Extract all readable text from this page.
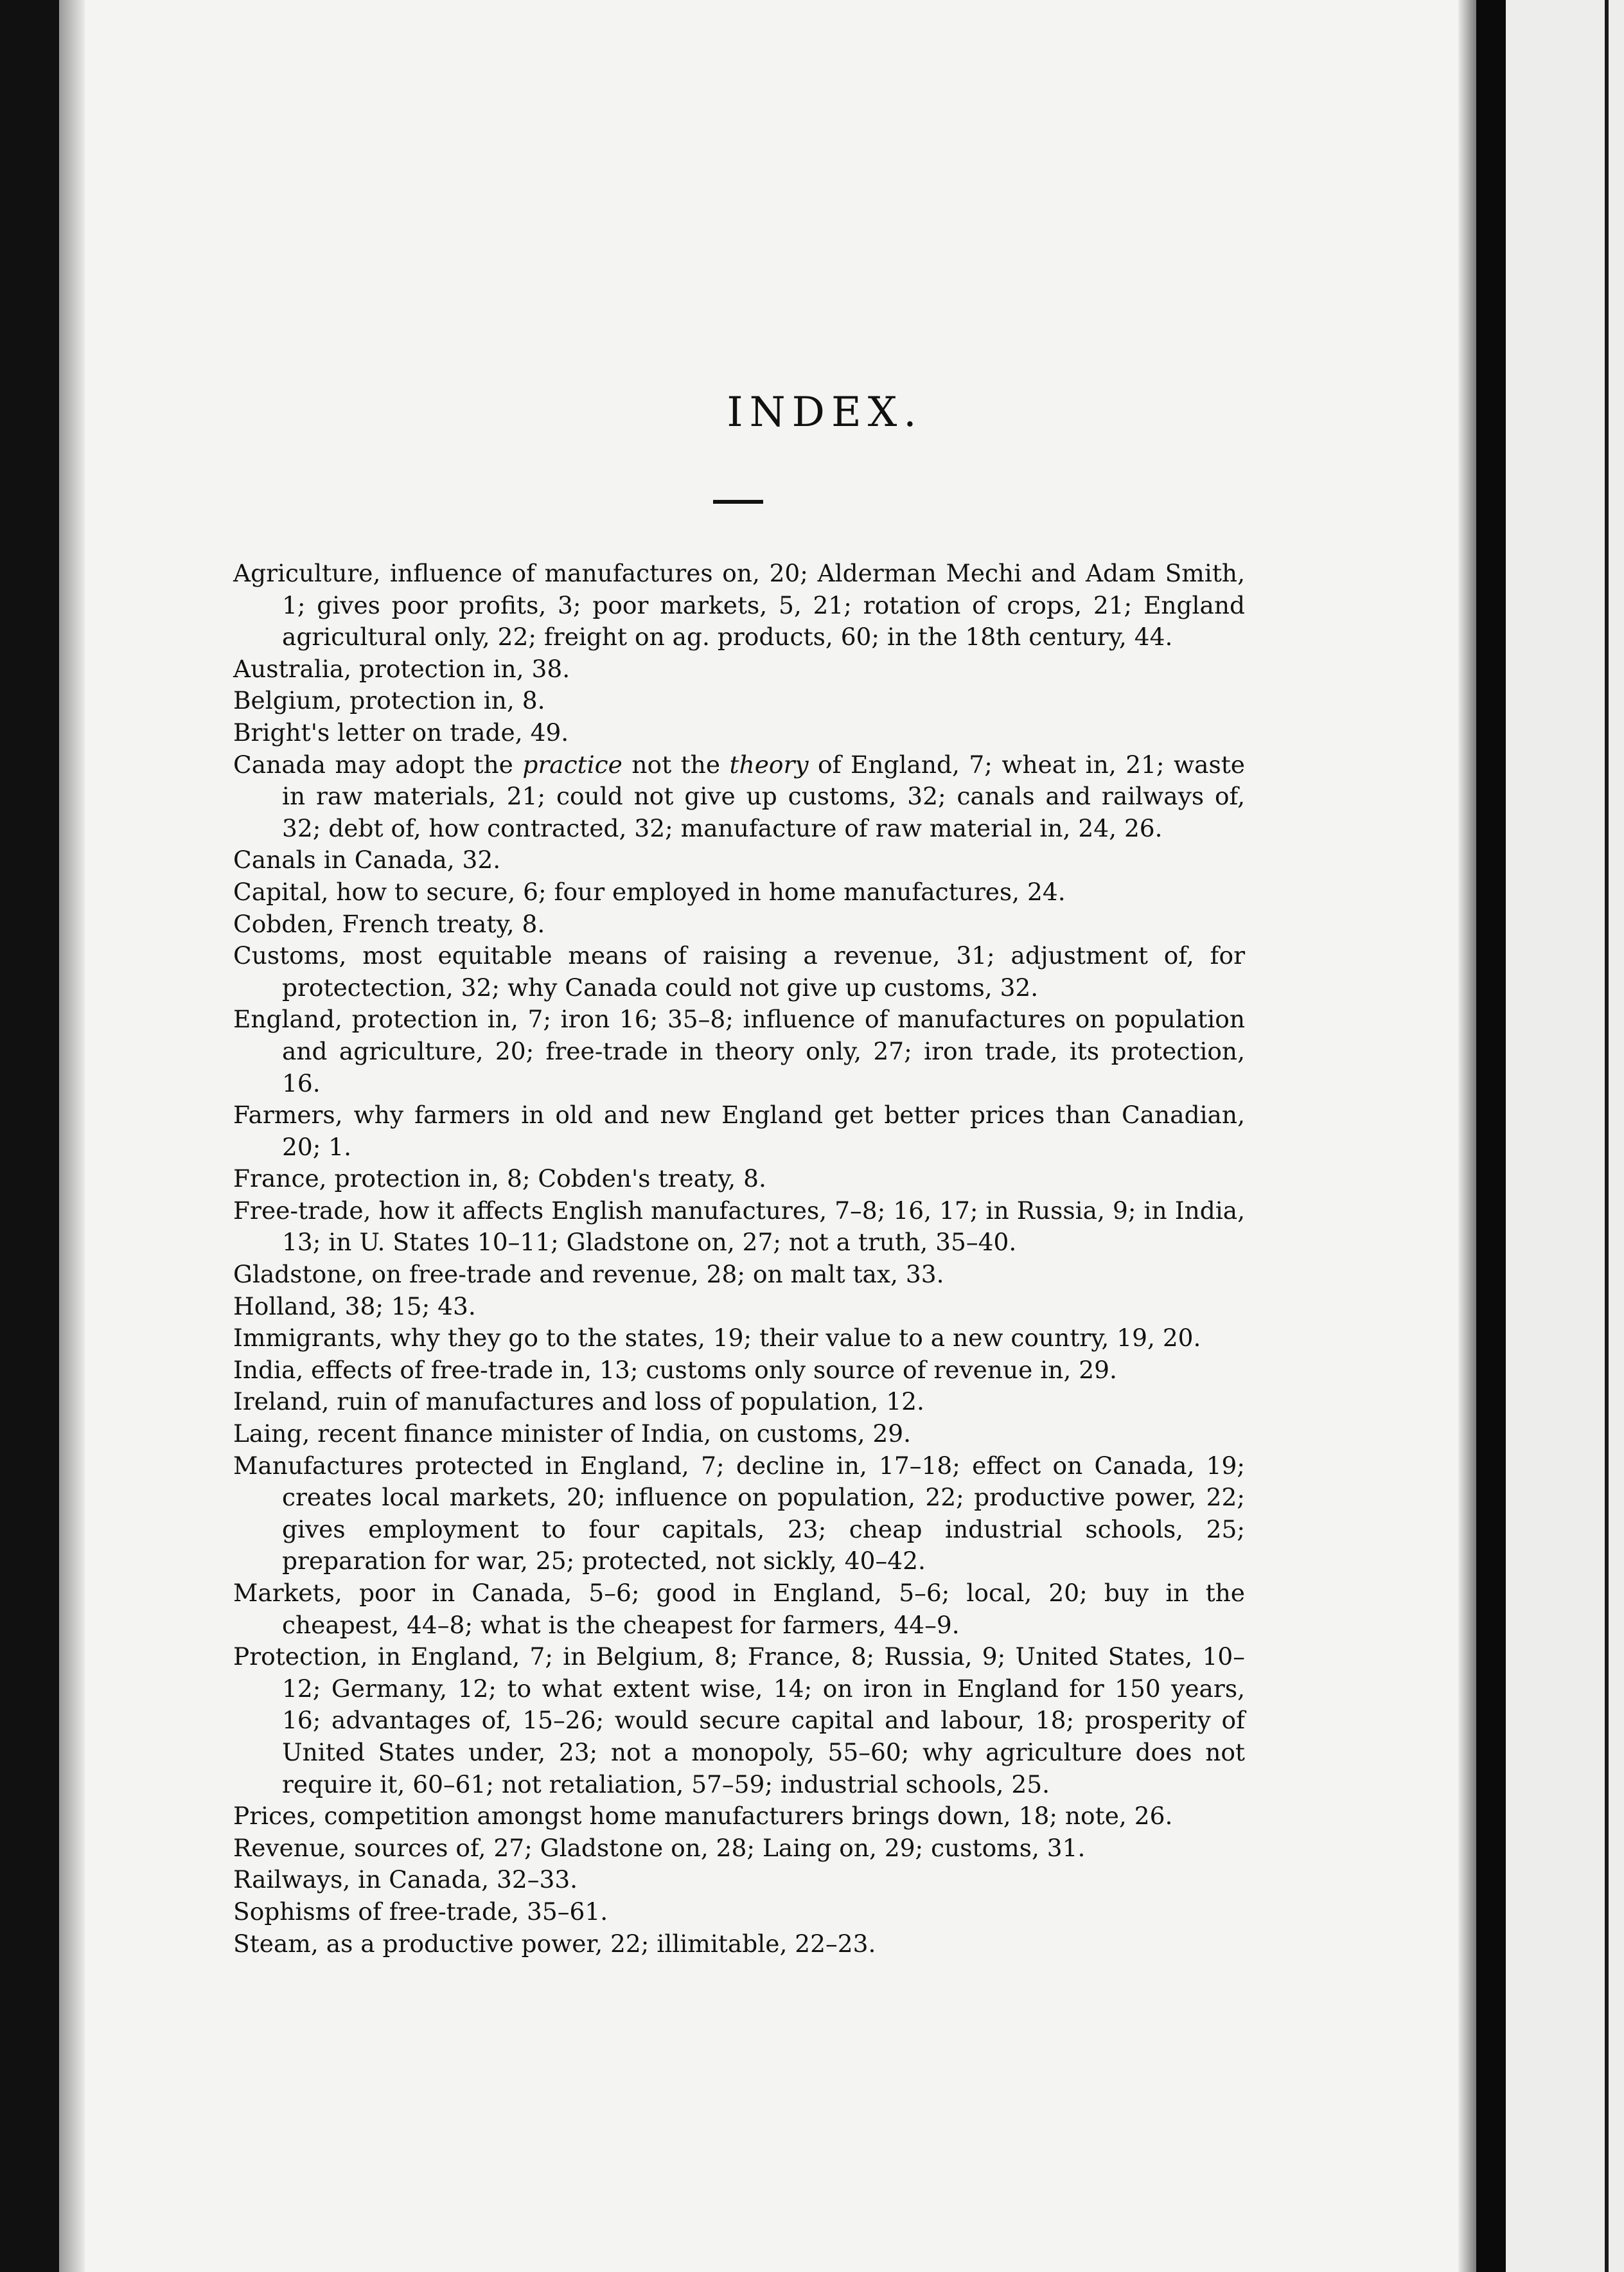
INDEX.

Agriculture, influence of manufactures on, 20; Alderman Mechi and Adam Smith, 1; gives poor profits, 3; poor markets, 5, 21; rotation of crops, 21; England agricultural only, 22; freight on ag. products, 60; in the 18th century, 44.

Australia, protection in, 38.

Belgium, protection in, 8.

Bright's letter on trade, 49.

Canada may adopt the practice not the theory of England, 7; wheat in, 21; waste in raw materials, 21; could not give up customs, 32; canals and railways of, 32; debt of, how contracted, 32; manufacture of raw material in, 24, 26.

Canals in Canada, 32.

Capital, how to secure, 6; four employed in home manufactures, 24.

Cobden, French treaty, 8.

Customs, most equitable means of raising a revenue, 31; adjustment of, for protectection, 32; why Canada could not give up customs, 32.

England, protection in, 7; iron 16; 35–8; influence of manufactures on population and agriculture, 20; free-trade in theory only, 27; iron trade, its protection, 16.

Farmers, why farmers in old and new England get better prices than Canadian, 20; 1.

France, protection in, 8; Cobden's treaty, 8.

Free-trade, how it affects English manufactures, 7–8; 16, 17; in Russia, 9; in India, 13; in U. States 10–11; Gladstone on, 27; not a truth, 35–40.

Gladstone, on free-trade and revenue, 28; on malt tax, 33.

Holland, 38; 15; 43.

Immigrants, why they go to the states, 19; their value to a new country, 19, 20.

India, effects of free-trade in, 13; customs only source of revenue in, 29.

Ireland, ruin of manufactures and loss of population, 12.

Laing, recent finance minister of India, on customs, 29.

Manufactures protected in England, 7; decline in, 17–18; effect on Canada, 19; creates local markets, 20; influence on population, 22; productive power, 22; gives employment to four capitals, 23; cheap industrial schools, 25; preparation for war, 25; protected, not sickly, 40–42.

Markets, poor in Canada, 5–6; good in England, 5–6; local, 20; buy in the cheapest, 44–8; what is the cheapest for farmers, 44–9.

Protection, in England, 7; in Belgium, 8; France, 8; Russia, 9; United States, 10–12; Germany, 12; to what extent wise, 14; on iron in England for 150 years, 16; advantages of, 15–26; would secure capital and labour, 18; prosperity of United States under, 23; not a monopoly, 55–60; why agriculture does not require it, 60–61; not retaliation, 57–59; industrial schools, 25.

Prices, competition amongst home manufacturers brings down, 18; note, 26.

Revenue, sources of, 27; Gladstone on, 28; Laing on, 29; customs, 31.

Railways, in Canada, 32–33.

Sophisms of free-trade, 35–61.

Steam, as a productive power, 22; illimitable, 22–23.
